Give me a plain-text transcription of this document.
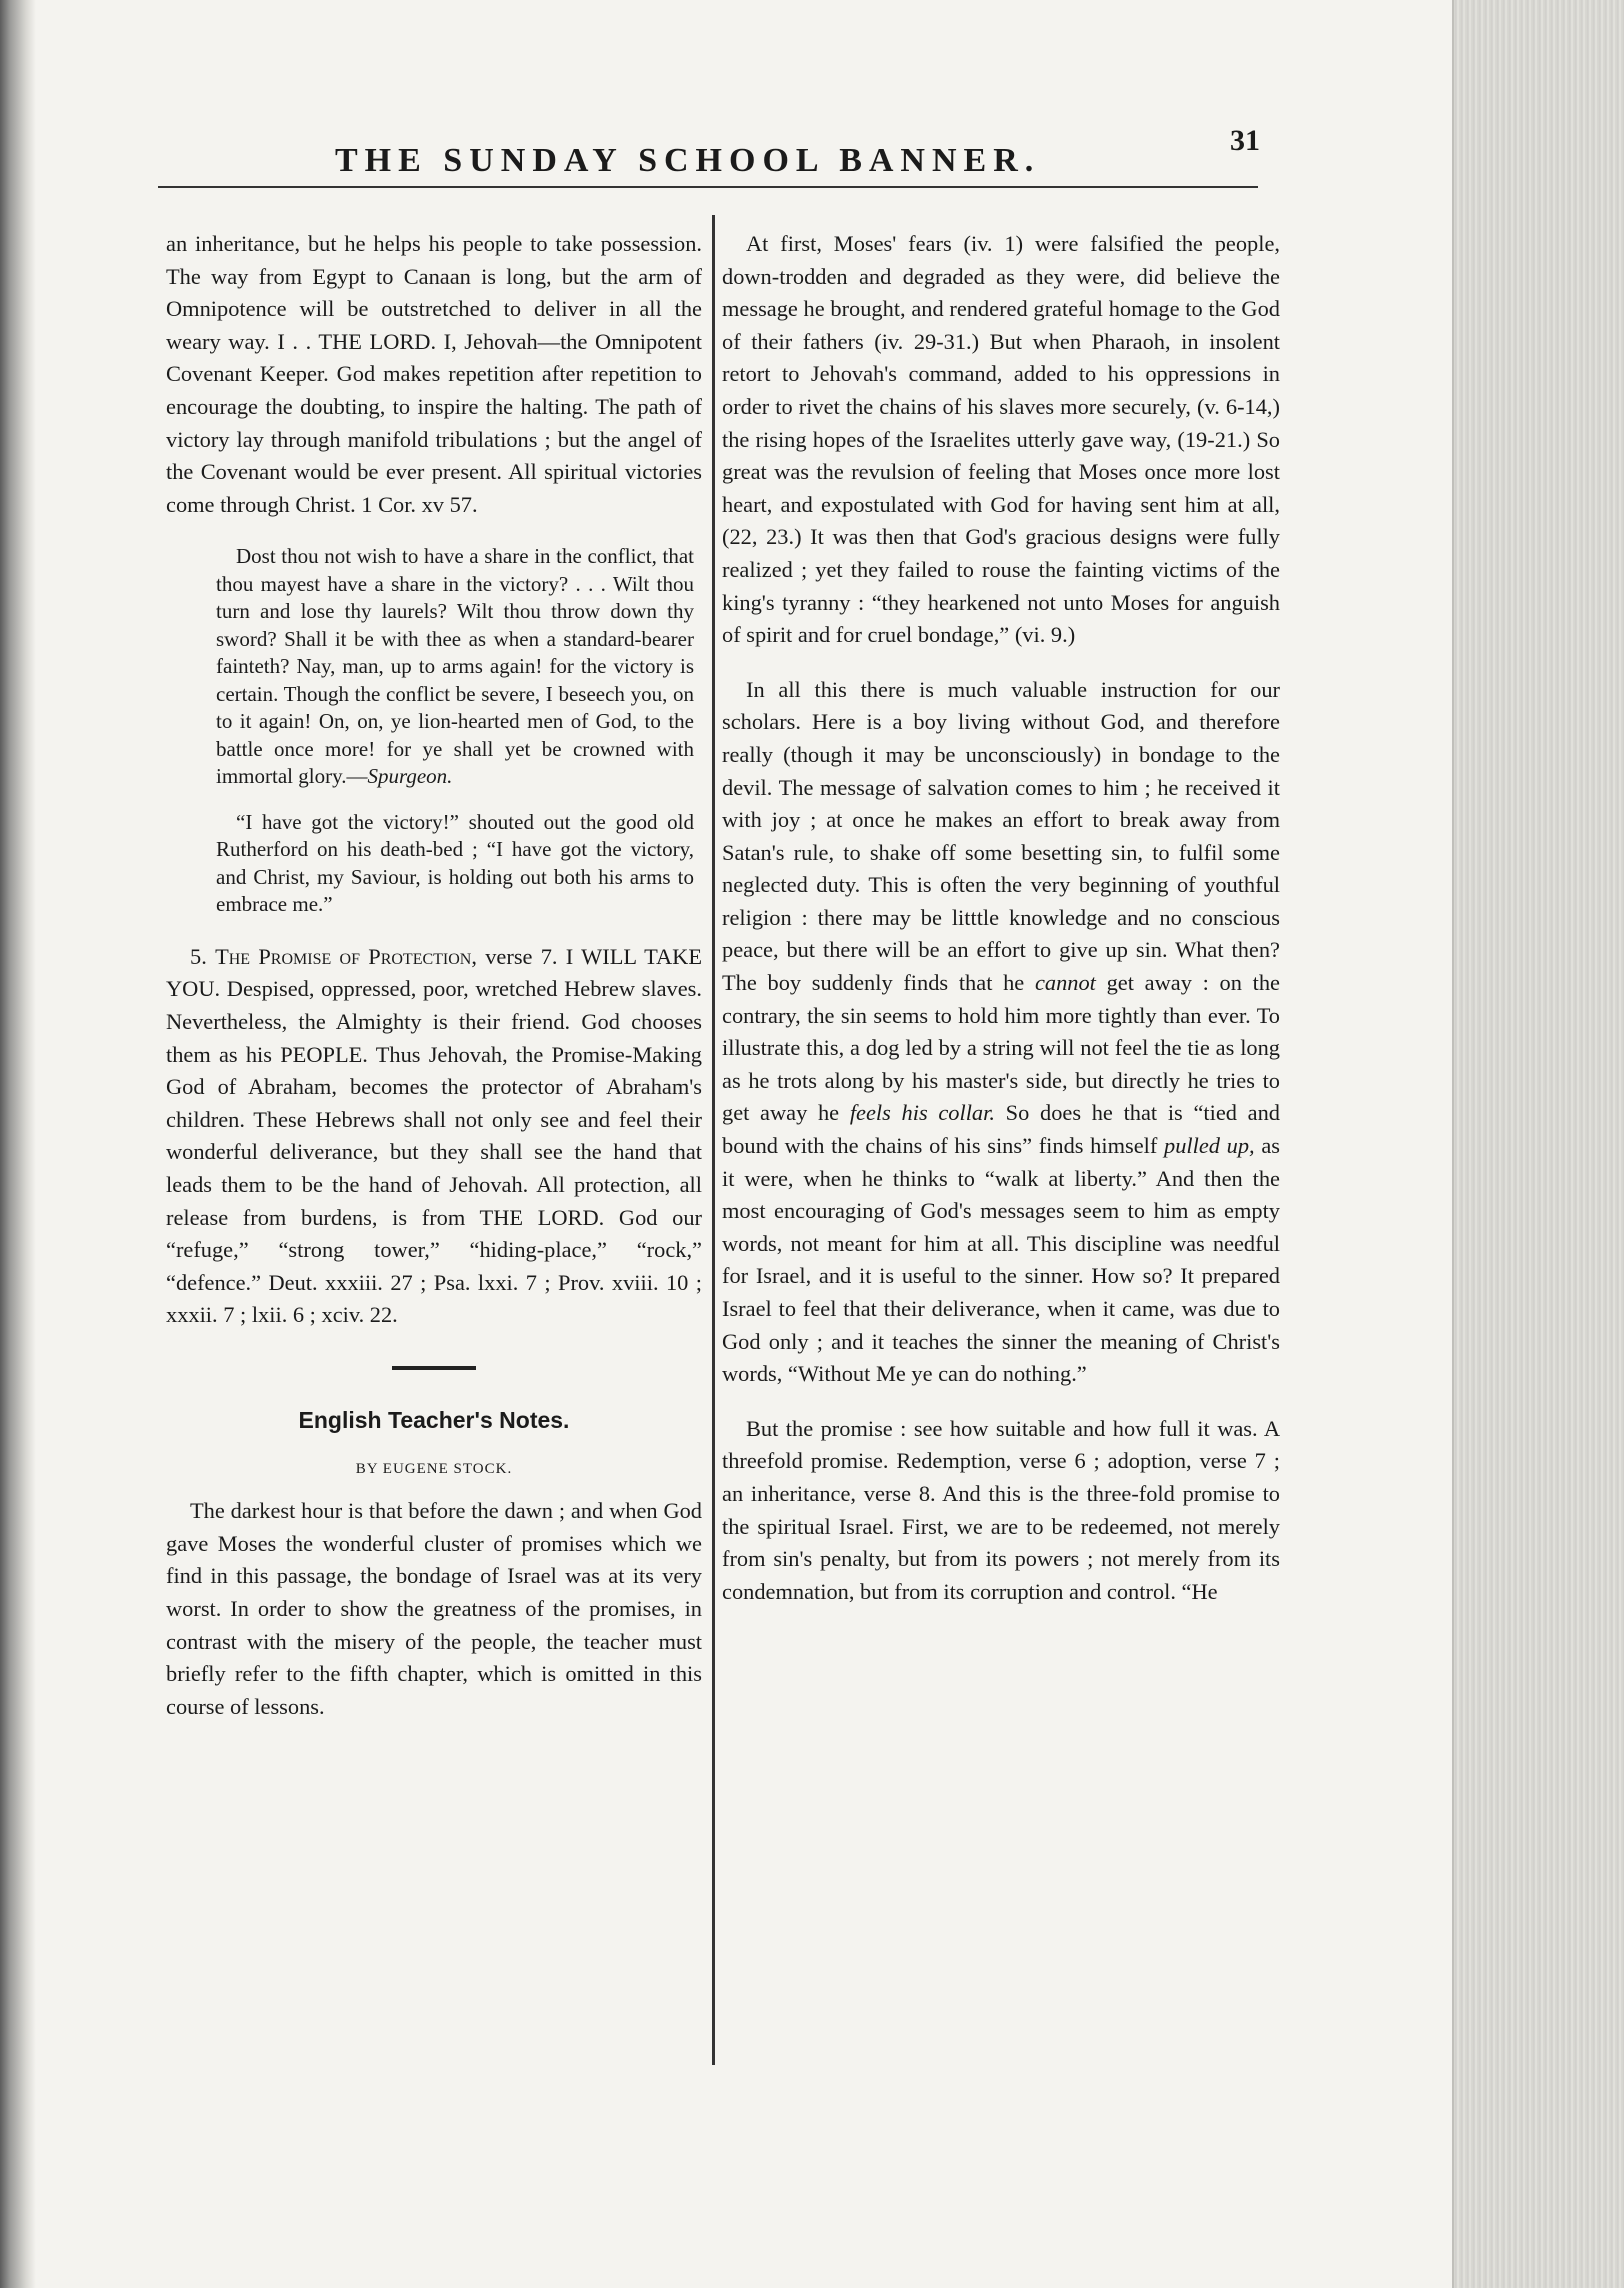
THE SUNDAY SCHOOL BANNER.
31

an inheritance, but he helps his people to take possession. The way from Egypt to Canaan is long, but the arm of Omnipotence will be outstretched to deliver in all the weary way. I . . THE LORD. I, Jehovah—the Omnipotent Covenant Keeper. God makes repetition after repetition to encourage the doubting, to inspire the halting. The path of victory lay through manifold tribulations ; but the angel of the Covenant would be ever present. All spiritual victories come through Christ. 1 Cor. xv 57.

Dost thou not wish to have a share in the conflict, that thou mayest have a share in the victory? . . . Wilt thou turn and lose thy laurels? Wilt thou throw down thy sword? Shall it be with thee as when a standard-bearer fainteth? Nay, man, up to arms again! for the victory is certain. Though the conflict be severe, I beseech you, on to it again! On, on, ye lion-hearted men of God, to the battle once more! for ye shall yet be crowned with immortal glory.—Spurgeon.

“I have got the victory!” shouted out the good old Rutherford on his death-bed ; “I have got the victory, and Christ, my Saviour, is holding out both his arms to embrace me.”

5. The Promise of Protection, verse 7. I WILL TAKE YOU. Despised, oppressed, poor, wretched Hebrew slaves. Nevertheless, the Almighty is their friend. God chooses them as his PEOPLE. Thus Jehovah, the Promise-Making God of Abraham, becomes the protector of Abraham's children. These Hebrews shall not only see and feel their wonderful deliverance, but they shall see the hand that leads them to be the hand of Jehovah. All protection, all release from burdens, is from THE LORD. God our “refuge,” “strong tower,” “hiding-place,” “rock,” “defence.” Deut. xxxiii. 27 ; Psa. lxxi. 7 ; Prov. xviii. 10 ; xxxii. 7 ; lxii. 6 ; xciv. 22.

English Teacher's Notes.
BY EUGENE STOCK.

The darkest hour is that before the dawn ; and when God gave Moses the wonderful cluster of promises which we find in this passage, the bondage of Israel was at its very worst. In order to show the greatness of the promises, in contrast with the misery of the people, the teacher must briefly refer to the fifth chapter, which is omitted in this course of lessons.

At first, Moses' fears (iv. 1) were falsified the people, down-trodden and degraded as they were, did believe the message he brought, and rendered grateful homage to the God of their fathers (iv. 29-31.) But when Pharaoh, in insolent retort to Jehovah's command, added to his oppressions in order to rivet the chains of his slaves more securely, (v. 6-14,) the rising hopes of the Israelites utterly gave way, (19-21.) So great was the revulsion of feeling that Moses once more lost heart, and expostulated with God for having sent him at all, (22, 23.) It was then that God's gracious designs were fully realized ; yet they failed to rouse the fainting victims of the king's tyranny : “they hearkened not unto Moses for anguish of spirit and for cruel bondage,” (vi. 9.)

In all this there is much valuable instruction for our scholars. Here is a boy living without God, and therefore really (though it may be unconsciously) in bondage to the devil. The message of salvation comes to him ; he received it with joy ; at once he makes an effort to break away from Satan's rule, to shake off some besetting sin, to fulfil some neglected duty. This is often the very beginning of youthful religion : there may be litttle knowledge and no conscious peace, but there will be an effort to give up sin. What then? The boy suddenly finds that he cannot get away : on the contrary, the sin seems to hold him more tightly than ever. To illustrate this, a dog led by a string will not feel the tie as long as he trots along by his master's side, but directly he tries to get away he feels his collar. So does he that is “tied and bound with the chains of his sins” finds himself pulled up, as it were, when he thinks to “walk at liberty.” And then the most encouraging of God's messages seem to him as empty words, not meant for him at all. This discipline was needful for Israel, and it is useful to the sinner. How so? It prepared Israel to feel that their deliverance, when it came, was due to God only ; and it teaches the sinner the meaning of Christ's words, “Without Me ye can do nothing.”

But the promise : see how suitable and how full it was. A threefold promise. Redemption, verse 6 ; adoption, verse 7 ; an inheritance, verse 8. And this is the three-fold promise to the spiritual Israel. First, we are to be redeemed, not merely from sin's penalty, but from its powers ; not merely from its condemnation, but from its corruption and control. “He
